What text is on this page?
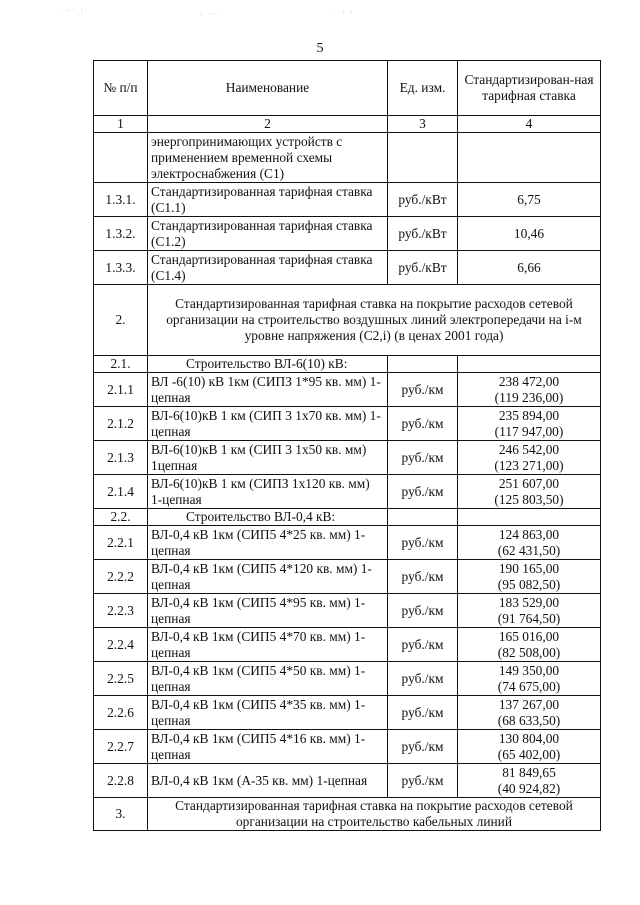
· -· :·	- ·- ·	· ·: -
5
№ п/п	Наименование	Ед. изм.	Стандартизирован-ная тарифная ставка
1	2	3	4
	энергопринимающих устройств с применением временной схемы электроснабжения (С1)		

1.3.1.	Стандартизированная тарифная ставка (С1.1)	руб./кВт	6,75

1.3.2.	Стандартизированная тарифная ставка (С1.2)	руб./кВт	10,46

1.3.3.	Стандартизированная тарифная ставка (С1.4)	руб./кВт	6,66

2.	Стандартизированная тарифная ставка на покрытие расходов сетевой организации на строительство воздушных линий электропередачи на i-м уровне напряжения (С2,i) (в ценах 2001 года)		
2.1.	Строительство ВЛ-6(10) кВ:		
2.1.1	ВЛ -6(10) кВ 1км (СИПЗ 1*95 кв. мм) 1-цепная	руб./км	238 472,00
(119 236,00)

2.1.2	ВЛ-6(10)кВ 1 км (СИП 3 1х70 кв. мм) 1-цепная	руб./км	235 894,00
(117 947,00)

2.1.3	ВЛ-6(10)кВ 1 км (СИП 3 1х50 кв. мм) 1цепная	руб./км	246 542,00
(123 271,00)

2.1.4	ВЛ-6(10)кВ 1 км (СИПЗ 1х120 кв. мм) 1-цепная	руб./км	251 607,00
(125 803,50)

2.2.	Строительство ВЛ-0,4 кВ:		
2.2.1	ВЛ-0,4 кВ 1км (СИП5 4*25 кв. мм) 1- цепная	руб./км	124 863,00
(62 431,50)

2.2.2	ВЛ-0,4 кВ 1км (СИП5 4*120 кв. мм) 1- цепная	руб./км	190 165,00
(95 082,50)

2.2.3	ВЛ-0,4 кВ 1км (СИП5 4*95 кв. мм) 1- цепная	руб./км	183 529,00
(91 764,50)

2.2.4	ВЛ-0,4 кВ 1км (СИП5 4*70 кв. мм) 1- цепная	руб./км	165 016,00
(82 508,00)

2.2.5	ВЛ-0,4 кВ 1км (СИП5 4*50 кв. мм) 1- цепная	руб./км	149 350,00
(74 675,00)

2.2.6	ВЛ-0,4 кВ 1км (СИП5 4*35 кв. мм) 1- цепная	руб./км	137 267,00
(68 633,50)

2.2.7	ВЛ-0,4 кВ 1км (СИП5 4*16 кв. мм) 1- цепная	руб./км	130 804,00
(65 402,00)

2.2.8	ВЛ-0,4 кВ 1км (А-35 кв. мм) 1-цепная	руб./км	81 849,65
(40 924,82)

3.	Стандартизированная тарифная ставка на покрытие расходов сетевой организации на строительство кабельных линий		
